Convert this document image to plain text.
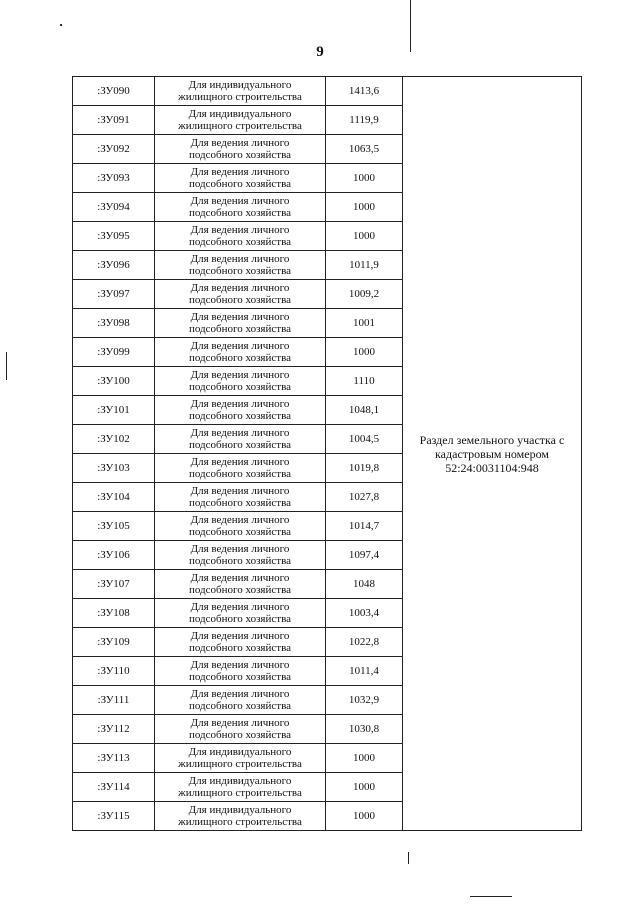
9
:ЗУ090	Для индивидуального
жилищного строительства	1413,6	Раздел земельного участка с
кадастровым номером
52:24:0031104:948

:ЗУ091	Для индивидуального
жилищного строительства	1119,9	
:ЗУ092	Для ведения личного
подсобного хозяйства	1063,5	
:ЗУ093	Для ведения личного
подсобного хозяйства	1000	
:ЗУ094	Для ведения личного
подсобного хозяйства	1000	
:ЗУ095	Для ведения личного
подсобного хозяйства	1000	
:ЗУ096	Для ведения личного
подсобного хозяйства	1011,9	
:ЗУ097	Для ведения личного
подсобного хозяйства	1009,2	
:ЗУ098	Для ведения личного
подсобного хозяйства	1001	
:ЗУ099	Для ведения личного
подсобного хозяйства	1000	
:ЗУ100	Для ведения личного
подсобного хозяйства	1110	
:ЗУ101	Для ведения личного
подсобного хозяйства	1048,1	
:ЗУ102	Для ведения личного
подсобного хозяйства	1004,5	
:ЗУ103	Для ведения личного
подсобного хозяйства	1019,8	
:ЗУ104	Для ведения личного
подсобного хозяйства	1027,8	
:ЗУ105	Для ведения личного
подсобного хозяйства	1014,7	
:ЗУ106	Для ведения личного
подсобного хозяйства	1097,4	
:ЗУ107	Для ведения личного
подсобного хозяйства	1048	
:ЗУ108	Для ведения личного
подсобного хозяйства	1003,4	
:ЗУ109	Для ведения личного
подсобного хозяйства	1022,8	
:ЗУ110	Для ведения личного
подсобного хозяйства	1011,4	
:ЗУ111	Для ведения личного
подсобного хозяйства	1032,9	
:ЗУ112	Для ведения личного
подсобного хозяйства	1030,8	
:ЗУ113	Для индивидуального
жилищного строительства	1000	
:ЗУ114	Для индивидуального
жилищного строительства	1000	
:ЗУ115	Для индивидуального
жилищного строительства	1000	
